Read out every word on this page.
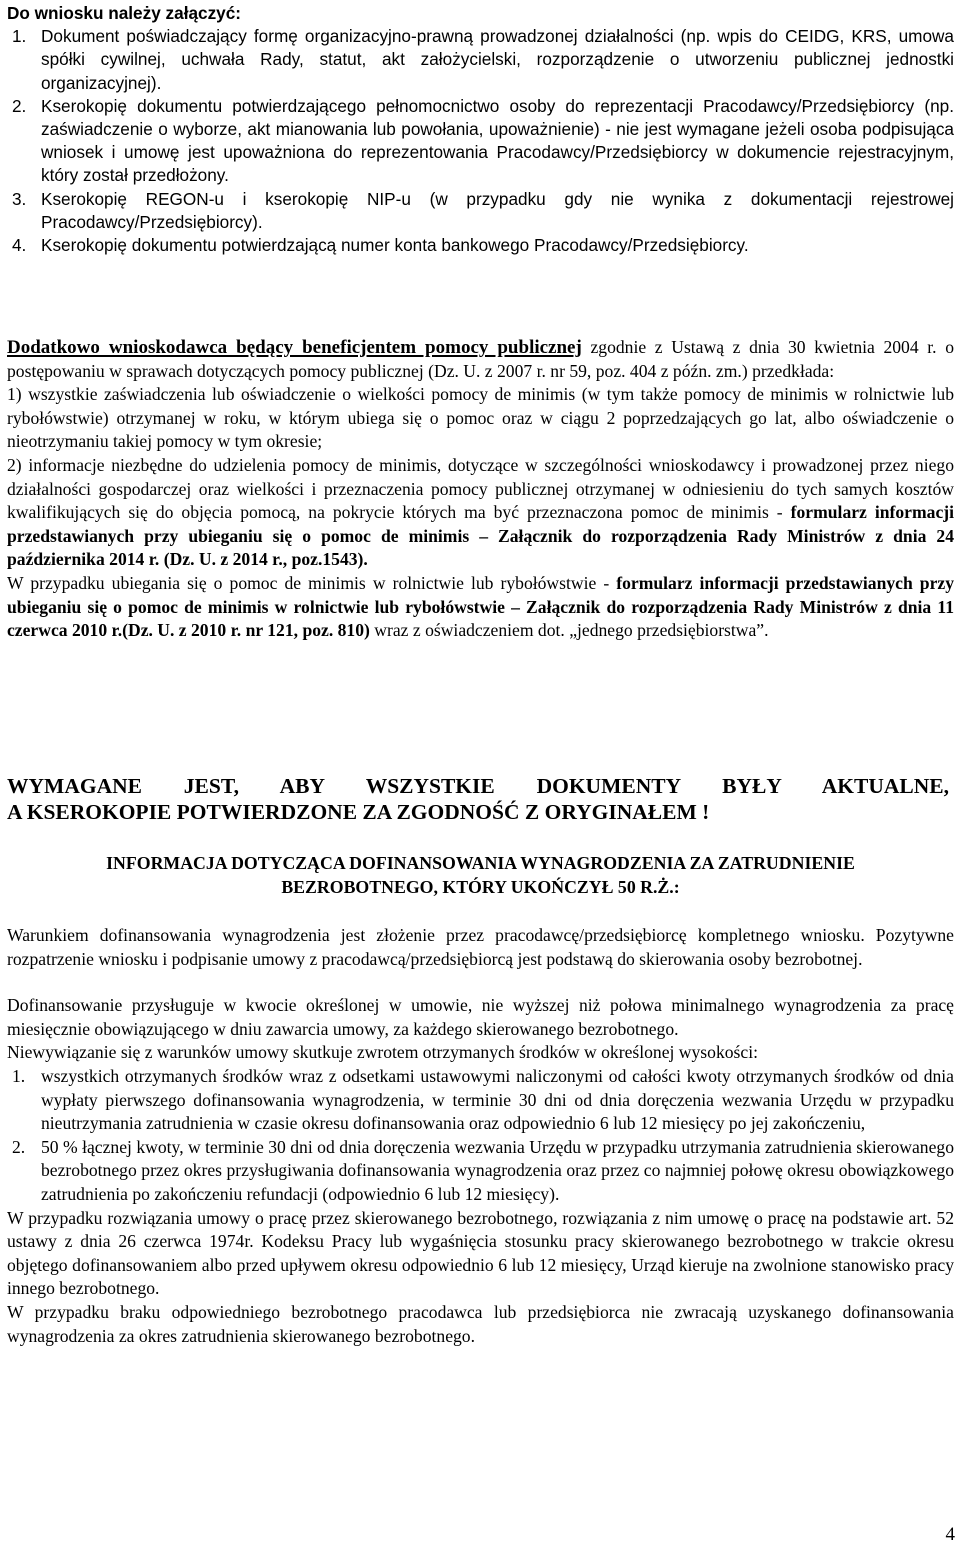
Do wniosku należy załączyć:
1. Dokument poświadczający formę organizacyjno-prawną prowadzonej działalności (np. wpis do CEIDG, KRS, umowa spółki cywilnej, uchwała Rady, statut, akt założycielski, rozporządzenie o utworzeniu publicznej jednostki organizacyjnej).
2. Kserokopię dokumentu potwierdzającego pełnomocnictwo osoby do reprezentacji Pracodawcy/Przedsiębiorcy (np. zaświadczenie o wyborze, akt mianowania lub powołania, upoważnienie) - nie jest wymagane jeżeli osoba podpisująca wniosek i umowę jest upoważniona do reprezentowania Pracodawcy/Przedsiębiorcy w dokumencie rejestracyjnym, który został przedłożony.
3. Kserokopię REGON-u i kserokopię NIP-u (w przypadku gdy nie wynika z dokumentacji rejestrowej Pracodawcy/Przedsiębiorcy).
4. Kserokopię dokumentu potwierdzającą numer konta bankowego Pracodawcy/Przedsiębiorcy.
Dodatkowo wnioskodawca będący beneficjentem pomocy publicznej zgodnie z Ustawą z dnia 30 kwietnia 2004 r. o postępowaniu w sprawach dotyczących pomocy publicznej (Dz. U. z 2007 r. nr 59, poz. 404 z późn. zm.) przedkłada:
1) wszystkie zaświadczenia lub oświadczenie o wielkości pomocy de minimis (w tym także pomocy de minimis w rolnictwie lub rybołówstwie) otrzymanej w roku, w którym ubiega się o pomoc oraz w ciągu 2 poprzedzających go lat, albo oświadczenie o nieotrzymaniu takiej pomocy w tym okresie;
2) informacje niezbędne do udzielenia pomocy de minimis, dotyczące w szczególności wnioskodawcy i prowadzonej przez niego działalności gospodarczej oraz wielkości i przeznaczenia pomocy publicznej otrzymanej w odniesieniu do tych samych kosztów kwalifikujących się do objęcia pomocą, na pokrycie których ma być przeznaczona pomoc de minimis - formularz informacji przedstawianych przy ubieganiu się o pomoc de minimis – Załącznik do rozporządzenia Rady Ministrów z dnia 24 października 2014 r. (Dz. U. z 2014 r., poz.1543).
W przypadku ubiegania się o pomoc de minimis w rolnictwie lub rybołówstwie - formularz informacji przedstawianych przy ubieganiu się o pomoc de minimis w rolnictwie lub rybołówstwie – Załącznik do rozporządzenia Rady Ministrów z dnia 11 czerwca 2010 r.(Dz. U. z 2010 r. nr 121, poz. 810) wraz z oświadczeniem dot. „jednego przedsiębiorstwa”.
WYMAGANE JEST, ABY WSZYSTKIE DOKUMENTY BYŁY AKTUALNE,
A KSEROKOPIE POTWIERDZONE ZA ZGODNOŚĆ Z ORYGINAŁEM !
INFORMACJA DOTYCZĄCA DOFINANSOWANIA WYNAGRODZENIA ZA ZATRUDNIENIE
BEZROBOTNEGO, KTÓRY UKOŃCZYŁ 50 R.Ż.:
Warunkiem dofinansowania wynagrodzenia jest złożenie przez pracodawcę/przedsiębiorcę kompletnego wniosku. Pozytywne rozpatrzenie wniosku i podpisanie umowy z pracodawcą/przedsiębiorcą jest podstawą do skierowania osoby bezrobotnej.
Dofinansowanie przysługuje w kwocie określonej w umowie, nie wyższej niż połowa minimalnego wynagrodzenia za pracę miesięcznie obowiązującego w dniu zawarcia umowy, za każdego skierowanego bezrobotnego.
Niewywiązanie się z warunków umowy skutkuje zwrotem otrzymanych środków w określonej wysokości:
1. wszystkich otrzymanych środków wraz z odsetkami ustawowymi naliczonymi od całości kwoty otrzymanych środków od dnia wypłaty pierwszego dofinansowania wynagrodzenia, w terminie 30 dni od dnia doręczenia wezwania Urzędu w przypadku nieutrzymania zatrudnienia w czasie okresu dofinansowania oraz odpowiednio 6 lub 12 miesięcy po jej zakończeniu,
2. 50 % łącznej kwoty, w terminie 30 dni od dnia doręczenia wezwania Urzędu w przypadku utrzymania zatrudnienia skierowanego bezrobotnego przez okres przysługiwania dofinansowania wynagrodzenia oraz przez co najmniej połowę okresu obowiązkowego zatrudnienia po zakończeniu refundacji (odpowiednio 6 lub 12 miesięcy).
W przypadku rozwiązania umowy o pracę przez skierowanego bezrobotnego, rozwiązania z nim umowę o pracę na podstawie art. 52 ustawy z dnia 26 czerwca 1974r. Kodeksu Pracy lub wygaśnięcia stosunku pracy skierowanego bezrobotnego w trakcie okresu objętego dofinansowaniem albo przed upływem okresu odpowiednio 6 lub 12 miesięcy, Urząd kieruje na zwolnione stanowisko pracy innego bezrobotnego.
W przypadku braku odpowiedniego bezrobotnego pracodawca lub przedsiębiorca nie zwracają uzyskanego dofinansowania wynagrodzenia za okres zatrudnienia skierowanego bezrobotnego.
4
